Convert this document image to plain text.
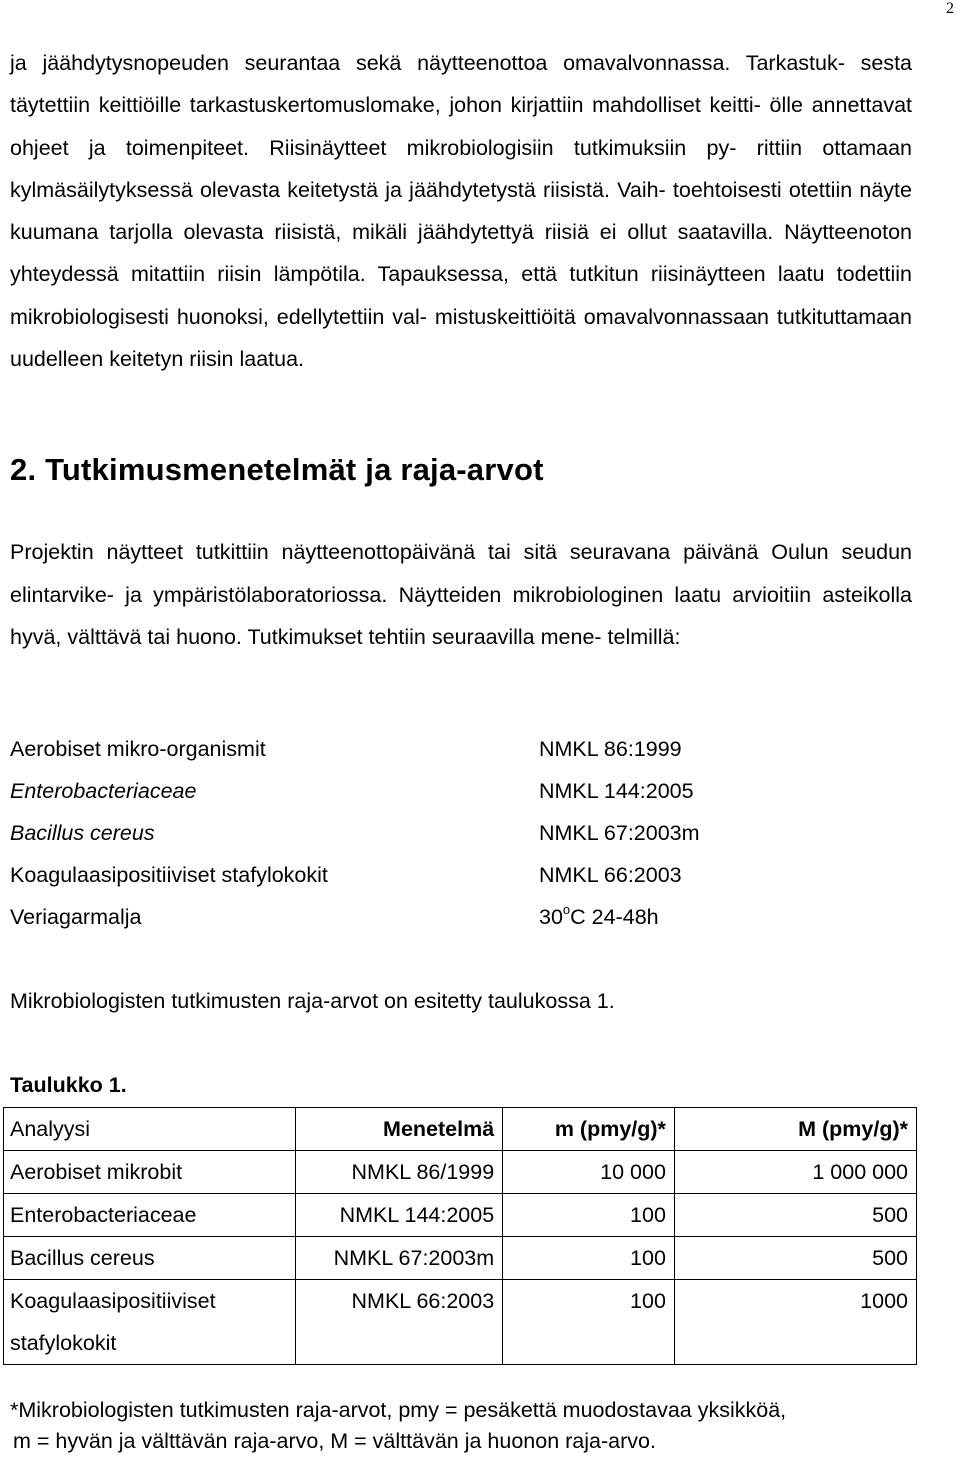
2
ja jäähdytysnopeuden seurantaa sekä näytteenottoa omavalvonnassa. Tarkastuk- sesta täytettiin keittiöille tarkastuskertomuslomake, johon kirjattiin mahdolliset keitti- ölle annettavat ohjeet ja toimenpiteet. Riisinäytteet mikrobiologisiin tutkimuksiin py- rittiin ottamaan kylmäsäilytyksessä olevasta keitetystä ja jäähdytetystä riisistä. Vaih- toehtoisesti otettiin näyte kuumana tarjolla olevasta riisistä, mikäli jäähdytettyä riisiä ei ollut saatavilla. Näytteenoton yhteydessä mitattiin riisin lämpötila. Tapauksessa, että tutkitun riisinäytteen laatu todettiin mikrobiologisesti huonoksi, edellytettiin val- mistuskeittiöitä omavalvonnassaan tutkituttamaan uudelleen keitetyn riisin laatua.
2. Tutkimusmenetelmät ja raja-arvot
Projektin näytteet tutkittiin näytteenottopäivänä tai sitä seuravana päivänä Oulun seudun elintarvike- ja ympäristölaboratoriossa. Näytteiden mikrobiologinen laatu arvioitiin asteikolla hyvä, välttävä tai huono. Tutkimukset tehtiin seuraavilla mene- telmillä:
Aerobiset mikro-organismit	NMKL 86:1999
Enterobacteriaceae	NMKL 144:2005
Bacillus cereus	NMKL 67:2003m
Koagulaasipositiiviset stafylokokit	NMKL 66:2003
Veriagarmalja	30$^o$C 24-48h
Mikrobiologisten tutkimusten raja-arvot on esitetty taulukossa 1.
Taulukko 1.
Analyysi	Menetelmä	m (pmy/g)*	M (pmy/g)*
Aerobiset mikrobit	NMKL 86/1999	10 000	1 000 000
Enterobacteriaceae	NMKL 144:2005	100	500
Bacillus cereus	NMKL 67:2003m	100	500
Koagulaasipositiiviset
stafylokokit	NMKL 66:2003	100	1000
*Mikrobiologisten tutkimusten raja-arvot, pmy = pesäkettä muodostavaa yksikköä,
m = hyvän ja välttävän raja-arvo, M = välttävän ja huonon raja-arvo.
